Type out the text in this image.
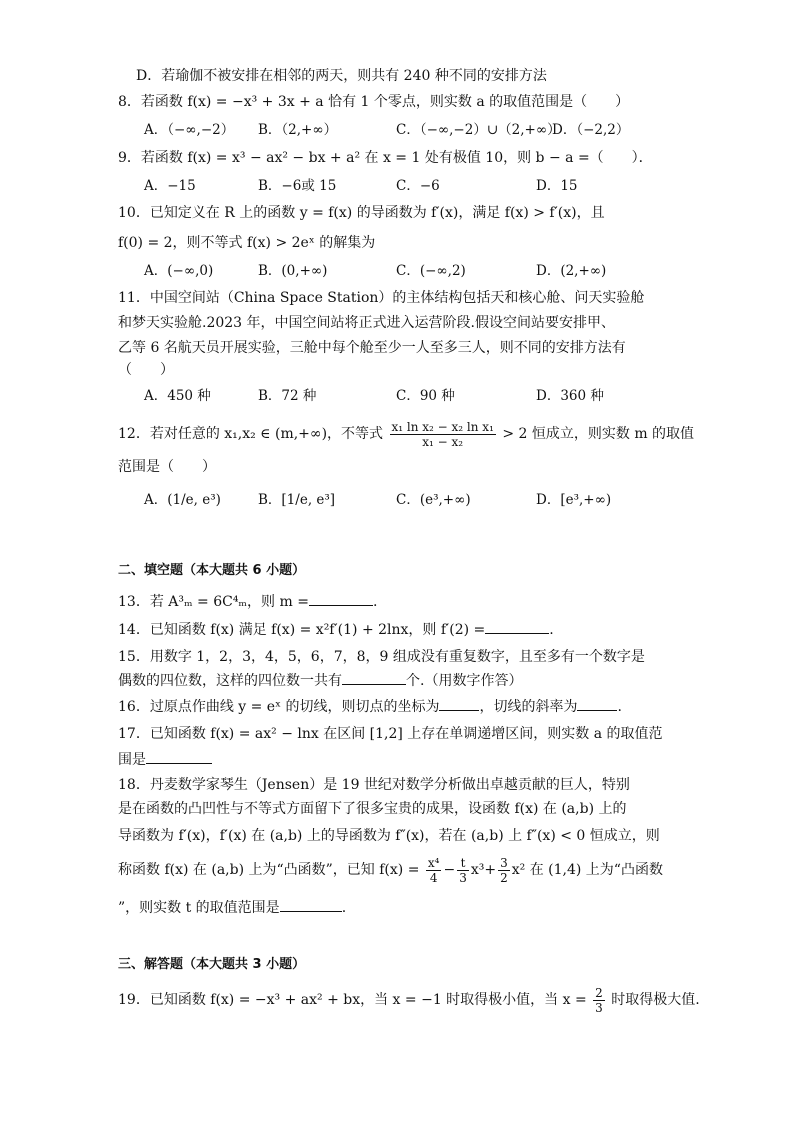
D．若瑜伽不被安排在相邻的两天，则共有 240 种不同的安排方法
8．若函数 f(x) = −x³ + 3x + a 恰有 1 个零点，则实数 a 的取值范围是（　　）
A．（−∞,−2） B．（2,+∞）	C．（−∞,−2）∪（2,+∞）
D．（−2,2）
9．若函数 f(x) = x³ − ax² − bx + a² 在 x = 1 处有极值 10，则 b − a =（　　）．
A．−15	B．−6或 15	C．−6	D．15
10．已知定义在 R 上的函数 y = f(x) 的导函数为 f′(x)，满足 f(x) > f′(x)，且
f(0) = 2，则不等式 f(x) > 2eˣ 的解集为
A．(−∞,0)	B．(0,+∞)	C．(−∞,2)	D．(2,+∞)
11．中国空间站（China Space Station）的主体结构包括天和核心舱、问天实验舱
和梦天实验舱.2023 年，中国空间站将正式进入运营阶段.假设空间站要安排甲、
乙等 6 名航天员开展实验，三舱中每个舱至少一人至多三人，则不同的安排方法有
（　　）
A．450 种	B．72 种	C．90 种	D．360 种
12．若对任意的 x₁,x₂ ∈ (m,+∞)，不等式 $\frac{\text{x₁ ln x₂ − x₂ ln x₁}}{\text{x₁ − x₂}} > 2$ 恒成立，则实数 m 的取值
范围是（　　）
A．(1/e, e³)	B．[1/e, e³]	C．(e³,+∞)	D．[e³,+∞)
二、填空题（本大题共 6 小题）
13．若 A³ₘ = 6C⁴ₘ，则 m =	.
14．已知函数 f(x) 满足 f(x) = x²f′(1) + 2lnx，则 f′(2) =	.
15．用数字 1，2，3，4，5，6，7，8，9 组成没有重复数字，且至多有一个数字是
偶数的四位数，这样的四位数一共有	个.（用数字作答）
16．过原点作曲线 y = eˣ 的切线，则切点的坐标为	，切线的斜率为	.
17．已知函数 f(x) = ax² − lnx 在区间 [1,2] 上存在单调递增区间，则实数 a 的取值范
围是
18．丹麦数学家琴生（Jensen）是 19 世纪对数学分析做出卓越贡献的巨人，特别
是在函数的凸凹性与不等式方面留下了很多宝贵的成果，设函数 f(x) 在 (a,b) 上的
导函数为 f′(x)，f′(x) 在 (a,b) 上的导函数为 f″(x)，若在 (a,b) 上 f″(x) < 0 恒成立，则
称函数 f(x) 在 (a,b) 上为“凸函数”，已知 $f(x) = \frac{\text{x⁴}}{4} - \frac{t}{3} x^3+ \frac{3}{2} x^2$ 在 (1,4) 上为“凸函数
”，则实数 t 的取值范围是	.
三、解答题（本大题共 3 小题）
19．已知函数 f(x) = −x³ + ax² + bx，当 x = −1 时取得极小值，当 $x = \frac{2}{3}$ 时取得极大值.
